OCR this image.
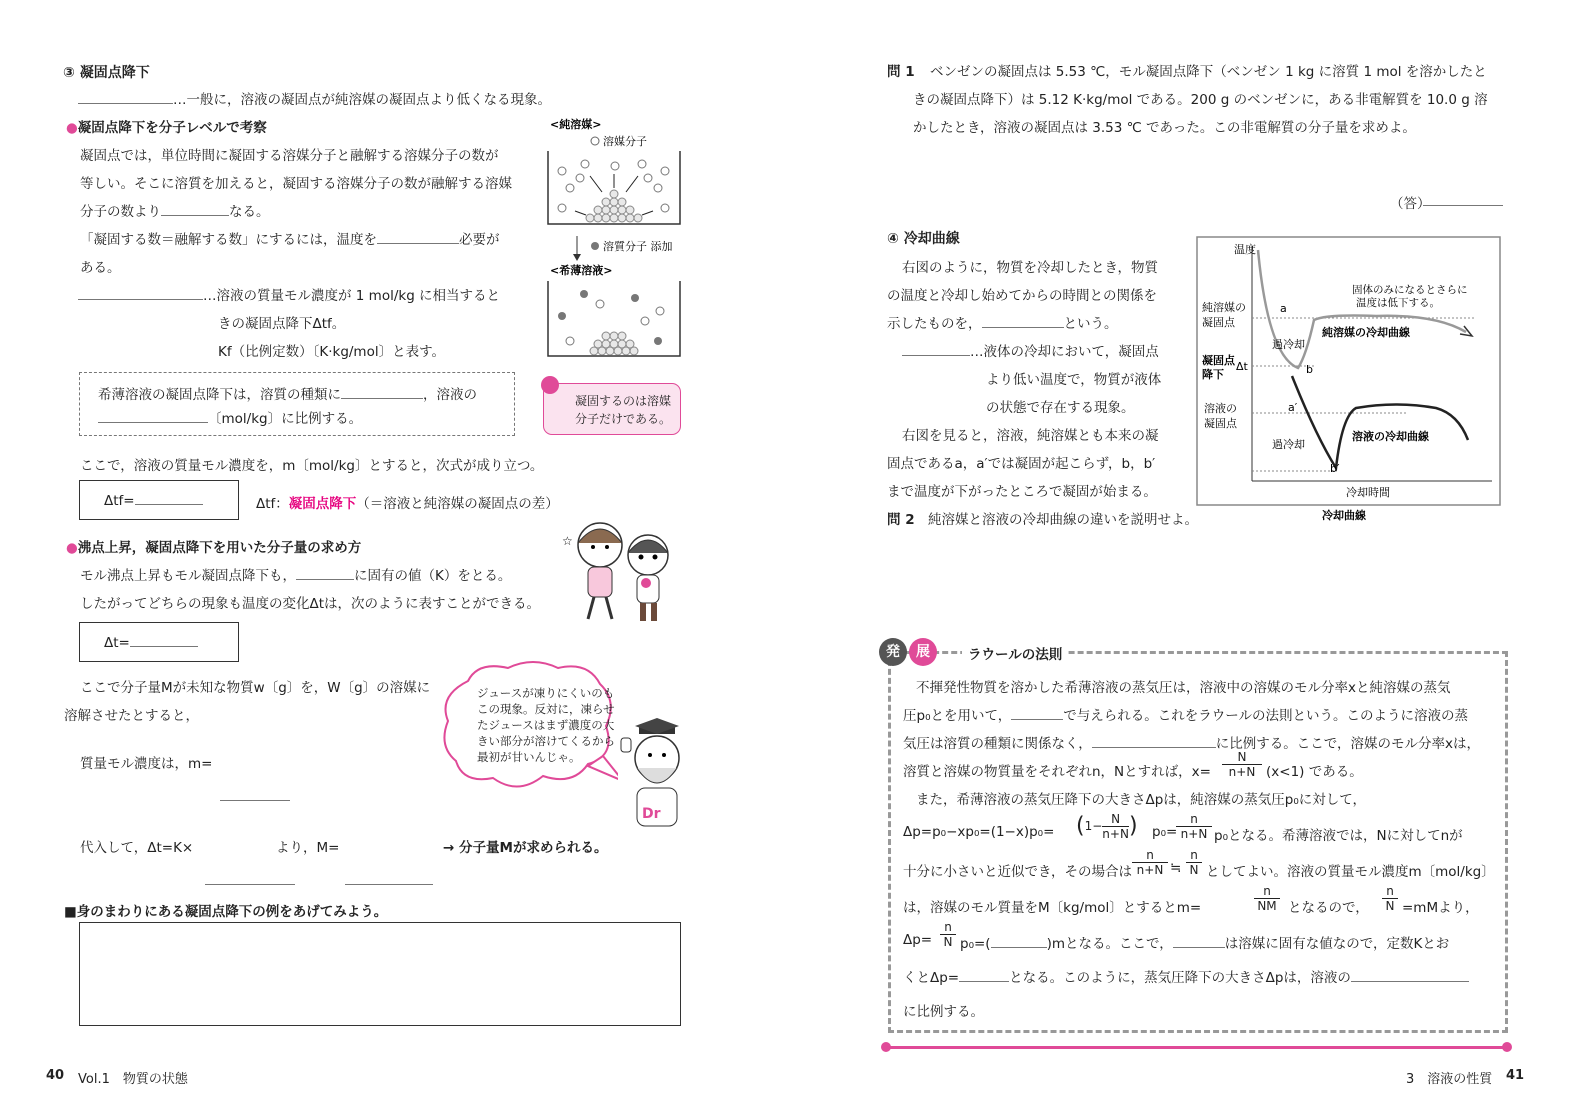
③ 凝固点降下
…一般に，溶液の凝固点が純溶媒の凝固点より低くなる現象。
●凝固点降下を分子レベルで考察
凝固点では，単位時間に凝固する溶媒分子と融解する溶媒分子の数が
等しい。そこに溶質を加えると，凝固する溶媒分子の数が融解する溶媒
分子の数より	なる。
「凝固する数＝融解する数」にするには，温度を	必要が
ある。
…溶液の質量モル濃度が 1 mol/kg に相当すると
きの凝固点降下Δtf。
Kf（比例定数）〔K·kg/mol〕と表す。
<純溶媒>
溶媒分子
溶質分子 添加
<希薄溶液>
希薄溶液の凝固点降下は，溶質の種類に	，溶液の
〔mol/kg〕に比例する。
凝固するのは溶媒
分子だけである。
ここで，溶液の質量モル濃度を，m〔mol/kg〕とすると，次式が成り立つ。
Δtf=	Δtf：凝固点降下（＝溶液と純溶媒の凝固点の差）
●沸点上昇，凝固点降下を用いた分子量の求め方
モル沸点上昇もモル凝固点降下も，	に固有の値（K）をとる。
したがってどちらの現象も温度の変化Δtは，次のように表すことができる。
☆
Δt=
ここで分子量Mが未知な物質w〔g〕を，W〔g〕の溶媒に
溶解させたとすると，
ジュースが凍りにくいのも
この現象。反対に，凍らせ
たジュースはまず濃度の大
きい部分が溶けてくるから
最初が甘いんじゃ。
Dr
質量モル濃度は，m=
代入して，Δt=K×	より，M=	→ 分子量Mが求められる。
■身のまわりにある凝固点降下の例をあげてみよう。
40 Vol.1　物質の状態
問 1 ベンゼンの凝固点は 5.53 ℃，モル凝固点降下（ベンゼン 1 kg に溶質 1 mol を溶かしたと
きの凝固点降下）は 5.12 K·kg/mol である。200 g のベンゼンに，ある非電解質を 10.0 g 溶
かしたとき，溶液の凝固点は 3.53 ℃ であった。この非電解質の分子量を求めよ。
（答）
④ 冷却曲線
右図のように，物質を冷却したとき，物質
の温度と冷却し始めてからの時間との関係を
示したものを，	という。
…液体の冷却において，凝固点
より低い温度で，物質が液体
の状態で存在する現象。
右図を見ると，溶液，純溶媒とも本来の凝
固点であるa，a′では凝固が起こらず，b，b′
まで温度が下がったところで凝固が始まる。
問 2 純溶媒と溶液の冷却曲線の違いを説明せよ。
温度
冷却時間
純溶媒の
凝固点
凝固点
降下
Δt
溶液の
凝固点
a
b
a′
b′
過冷却
過冷却
純溶媒の冷却曲線
溶液の冷却曲線
固体のみになるとさらに
温度は低下する。
冷却曲線
発	展	ラウールの法則
不揮発性物質を溶かした希薄溶液の蒸気圧は，溶液中の溶媒のモル分率xと純溶媒の蒸気
圧p₀とを用いて，	で与えられる。これをラウールの法則という。このように溶液の蒸
気圧は溶質の種類に関係なく，	に比例する。ここで，溶媒のモル分率xは，
溶質と溶媒の物質量をそれぞれn，Nとすれば，x=
N
n+N (x<1) である。
また，希薄溶液の蒸気圧降下の大きさΔpは，純溶媒の蒸気圧p₀に対して，
$\Delta p=p_0-xp_0=(1-x)p_0= (1- \frac{N}{n+N}$ ) p₀=
n
n+N p₀となる。希薄溶液では，Nに対してnが
十分に小さいと近似でき，その場合は
n
n+N ≒
n
N としてよい。溶液の質量モル濃度m〔mol/kg〕
は，溶媒のモル質量をM〔kg/mol〕とするとm=
n
NM となるので，
n
N =mMより，
Δp=
n
N p₀=(	)mとなる。ここで，	は溶媒に固有な値なので，定数Kとお
くとΔp=	となる。このように，蒸気圧降下の大きさΔpは，溶液の
に比例する。
3　溶液の性質 41
